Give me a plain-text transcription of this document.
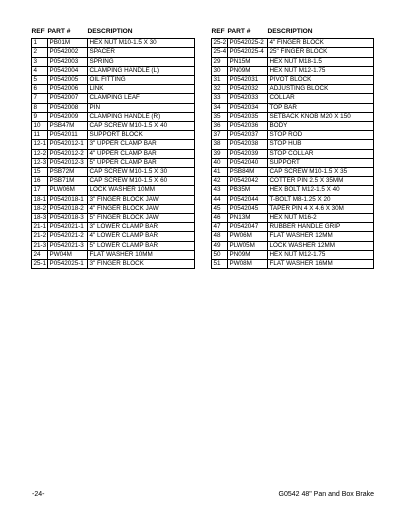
REF	PART #	DESCRIPTION
1	PB01M	HEX NUT M10-1.5 X 30
2	P0542002	SPACER
3	P0542003	SPRING
4	P0542004	CLAMPING HANDLE (L)
5	P0542005	OIL FITTING
6	P0542006	LINK
7	P0542007	CLAMPING LEAF
8	P0542008	PIN
9	P0542009	CLAMPING HANDLE (R)
10	PSB47M	CAP SCREW M10-1.5 X 40
11	P0542011	SUPPORT BLOCK
12-1	P0542012-1	3" UPPER CLAMP BAR
12-2	P0542012-2	4" UPPER CLAMP BAR
12-3	P0542012-3	5" UPPER CLAMP BAR
15	PSB72M	CAP SCREW M10-1.5 X 30
16	PSB71M	CAP SCREW M10-1.5 X 60
17	PLW06M	LOCK WASHER 10MM
18-1	P0542018-1	3" FINGER BLOCK JAW
18-2	P0542018-2	4" FINGER BLOCK JAW
18-3	P0542018-3	5" FINGER BLOCK JAW
21-1	P0542021-1	3" LOWER CLAMP BAR
21-2	P0542021-2	4" LOWER CLAMP BAR
21-3	P0542021-3	5" LOWER CLAMP BAR
24	PW04M	FLAT WASHER 10MM
25-1	P0542025-1	3" FINGER BLOCK
REF	PART #	DESCRIPTION
25-2	P0542025-2	4" FINGER BLOCK
25-4	P0542025-4	25" FINGER BLOCK
29	PN15M	HEX NUT M18-1.5
30	PN09M	HEX NUT M12-1.75
31	P0542031	PIVOT BLOCK
32	P0542032	ADJUSTING BLOCK
33	P0542033	COLLAR
34	P0542034	TOP BAR
35	P0542035	SETBACK KNOB M20 X 150
36	P0542036	BODY
37	P0542037	STOP ROD
38	P0542038	STOP HUB
39	P0542039	STOP COLLAR
40	P0542040	SUPPORT
41	PSB84M	CAP SCREW M10-1.5 X 35
42	P0542042	COTTER PIN 2.5 X 35MM
43	PB35M	HEX BOLT M12-1.5 X 40
44	P0542044	T-BOLT M8-1.25 X 20
45	P0542045	TAPER PIN 4 X 4.6 X 30M
46	PN13M	HEX NUT M16-2
47	P0542047	RUBBER HANDLE GRIP
48	PW06M	FLAT WASHER 12MM
49	PLW05M	LOCK WASHER 12MM
50	PN09M	HEX NUT M12-1.75
51	PW08M	FLAT WASHER 16MM
-24-	G0542 48" Pan and Box Brake
